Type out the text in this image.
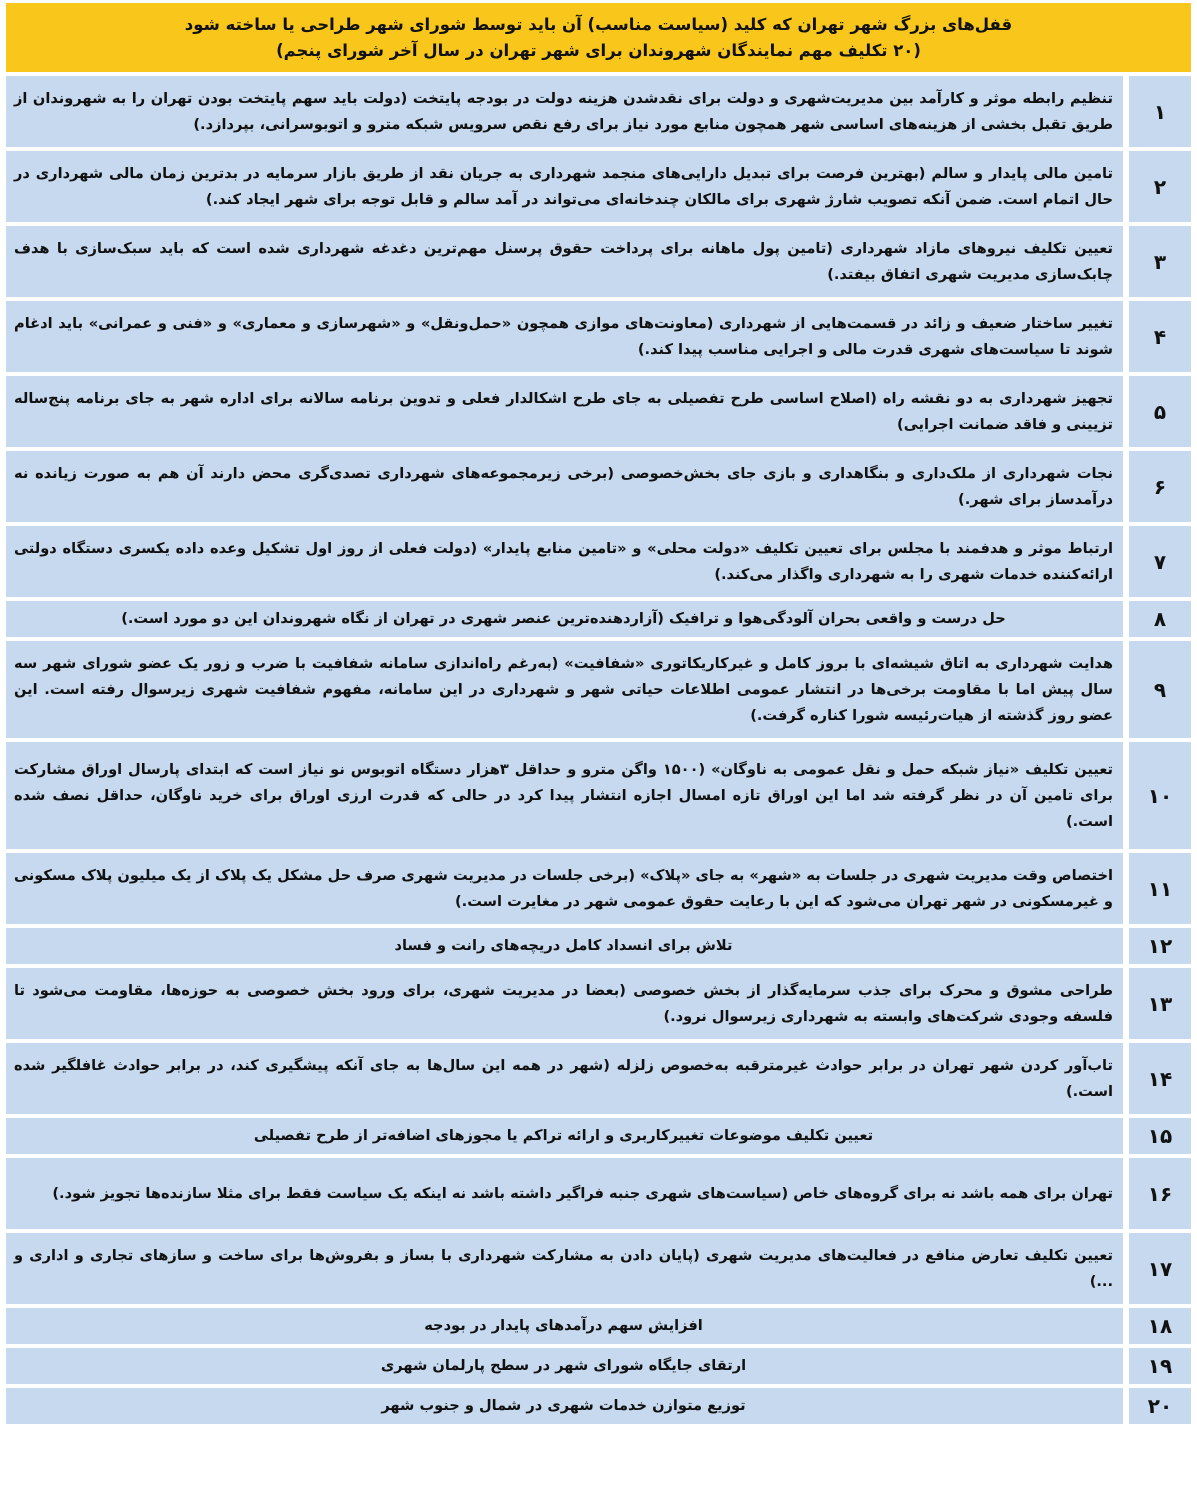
قفل‌های بزرگ شهر تهران که کلید (سیاست مناسب) آن باید توسط شورای شهر طراحی یا ساخته شود
(۲۰ تکلیف مهم نمایندگان شهروندان برای شهر تهران در سال آخر شورای پنجم)
۱
تنظیم رابطه موثر و کارآمد بین مدیریت‌شهری و دولت برای نقدشدن هزینه دولت در بودجه پایتخت (دولت باید سهم پایتخت بودن تهران را به شهروندان از طریق تقبل بخشی از هزینه‌های اساسی شهر همچون منابع مورد نیاز برای رفع نقص سرویس شبکه مترو و اتوبوسرانی، بپردازد.)
۲
تامین مالی پایدار و سالم (بهترین فرصت برای تبدیل دارایی‌های منجمد شهرداری به جریان نقد از طریق بازار سرمایه در بدترین زمان مالی شهرداری در حال اتمام است. ضمن آنکه تصویب شارژ شهری برای مالکان چندخانه‌ای می‌تواند در آمد سالم و قابل توجه برای شهر ایجاد کند.)
۳
تعیین تکلیف نیروهای مازاد شهرداری (تامین پول ماهانه برای پرداخت حقوق پرسنل مهم‌ترین دغدغه شهرداری شده است که باید سبک‌سازی با هدف چابک‌سازی مدیریت شهری اتفاق بیفتد.)
۴
تغییر ساختار ضعیف و زائد در قسمت‌هایی از شهرداری (معاونت‌های موازی همچون «حمل‌ونقل» و «شهرسازی و معماری» و «فنی و عمرانی» باید ادغام شوند تا سیاست‌های شهری قدرت مالی و اجرایی مناسب پیدا کند.)
۵
تجهیز شهرداری به دو نقشه راه (اصلاح اساسی طرح تفصیلی به جای طرح اشکالدار فعلی و تدوین برنامه سالانه برای اداره شهر به جای برنامه پنج‌ساله تزیینی و فاقد ضمانت اجرایی)
۶
نجات شهرداری از ملک‌داری و بنگاهداری و بازی جای بخش‌خصوصی (برخی زیرمجموعه‌های شهرداری تصدی‌گری محض دارند آن هم به صورت زیانده نه درآمدساز برای شهر.)
۷
ارتباط موثر و هدفمند با مجلس برای تعیین تکلیف «دولت محلی» و «تامین منابع پایدار» (دولت فعلی از روز اول تشکیل وعده داده یکسری دستگاه دولتی ارائه‌کننده خدمات شهری را به شهرداری واگذار می‌کند.)
۸
حل درست و واقعی بحران آلودگی‌هوا و ترافیک (آزاردهنده‌ترین عنصر شهری در تهران از نگاه شهروندان این دو مورد است.)
۹
هدایت شهرداری به اتاق شیشه‌ای با بروز کامل و غیرکاریکاتوری «شفافیت» (به‌رغم راه‌اندازی سامانه شفافیت با ضرب و زور یک عضو شورای شهر سه سال پیش اما با مقاومت برخی‌ها در انتشار عمومی اطلاعات حیاتی شهر و شهرداری در این سامانه، مفهوم شفافیت شهری زیرسوال رفته است. این عضو روز گذشته از هیات‌رئیسه شورا کناره گرفت.)
۱۰
تعیین تکلیف «نیاز شبکه حمل و نقل عمومی به ناوگان» (۱۵۰۰ واگن مترو و حداقل ۳هزار دستگاه اتوبوس نو نیاز است که ابتدای پارسال اوراق مشارکت برای تامین آن در نظر گرفته شد اما این اوراق تازه امسال اجازه انتشار پیدا کرد در حالی که قدرت ارزی اوراق برای خرید ناوگان، حداقل نصف شده است.)
۱۱
اختصاص وقت مدیریت شهری در جلسات به «شهر» به جای «پلاک» (برخی جلسات در مدیریت شهری صرف حل مشکل یک پلاک از یک میلیون پلاک مسکونی و غیرمسکونی در شهر تهران می‌شود که این با رعایت حقوق عمومی شهر در مغایرت است.)
۱۲
تلاش برای انسداد کامل دریچه‌های رانت و فساد
۱۳
طراحی مشوق و محرک برای جذب سرمایه‌گذار از بخش خصوصی (بعضا در مدیریت شهری، برای ورود بخش خصوصی به حوزه‌ها، مقاومت می‌شود تا فلسفه وجودی شرکت‌های وابسته به شهرداری زیرسوال نرود.)
۱۴
تاب‌آور کردن شهر تهران در برابر حوادث غیرمترقبه به‌خصوص زلزله (شهر در همه این سال‌ها به جای آنکه پیشگیری کند، در برابر حوادث غافلگیر شده است.)
۱۵
تعیین تکلیف موضوعات تغییرکاربری و ارائه تراکم یا مجوزهای اضافه‌تر از طرح تفصیلی
۱۶
تهران برای همه باشد نه برای گروه‌های خاص (سیاست‌های شهری جنبه فراگیر داشته باشد نه اینکه یک سیاست فقط برای مثلا سازنده‌ها تجویز شود.)
۱۷
تعیین تکلیف تعارض منافع در فعالیت‌های مدیریت شهری (پایان دادن به مشارکت شهرداری با بساز و بفروش‌ها برای ساخت و سازهای تجاری و اداری و ...)
۱۸
افزایش سهم درآمدهای پایدار در بودجه
۱۹
ارتقای جایگاه شورای شهر در سطح پارلمان شهری
۲۰
توزیع متوازن خدمات شهری در شمال و جنوب شهر
